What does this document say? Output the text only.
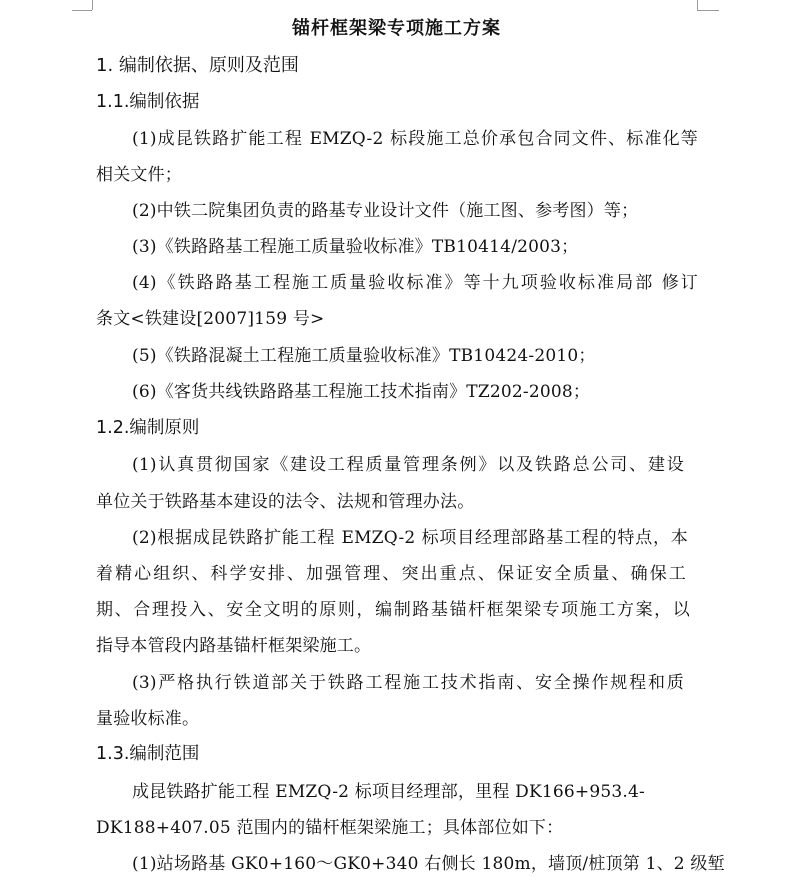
锚杆框架梁专项施工方案
1. 编制依据、原则及范围
1.1.编制依据
(1)成昆铁路扩能工程 EMZQ-2 标段施工总价承包合同文件、标准化等
相关文件；
(2)中铁二院集团负责的路基专业设计文件（施工图、参考图）等；
(3)《铁路路基工程施工质量验收标准》TB10414/2003；
(4)《铁路路基工程施工质量验收标准》等十九项验收标准局部 修订
条文<铁建设[2007]159 号>
(5)《铁路混凝土工程施工质量验收标准》TB10424-2010；
(6)《客货共线铁路路基工程施工技术指南》TZ202-2008；
1.2.编制原则
(1)认真贯彻国家《建设工程质量管理条例》以及铁路总公司、建设
单位关于铁路基本建设的法令、法规和管理办法。
(2)根据成昆铁路扩能工程 EMZQ-2 标项目经理部路基工程的特点，本
着精心组织、科学安排、加强管理、突出重点、保证安全质量、确保工
期、合理投入、安全文明的原则，编制路基锚杆框架梁专项施工方案，以
指导本管段内路基锚杆框架梁施工。
(3)严格执行铁道部关于铁路工程施工技术指南、安全操作规程和质
量验收标准。
1.3.编制范围
成昆铁路扩能工程 EMZQ-2 标项目经理部，里程 DK166+953.4-
DK188+407.05 范围内的锚杆框架梁施工；具体部位如下：
(1)站场路基 GK0+160～GK0+340 右侧长 180m，墙顶/桩顶第 1、2 级堑
